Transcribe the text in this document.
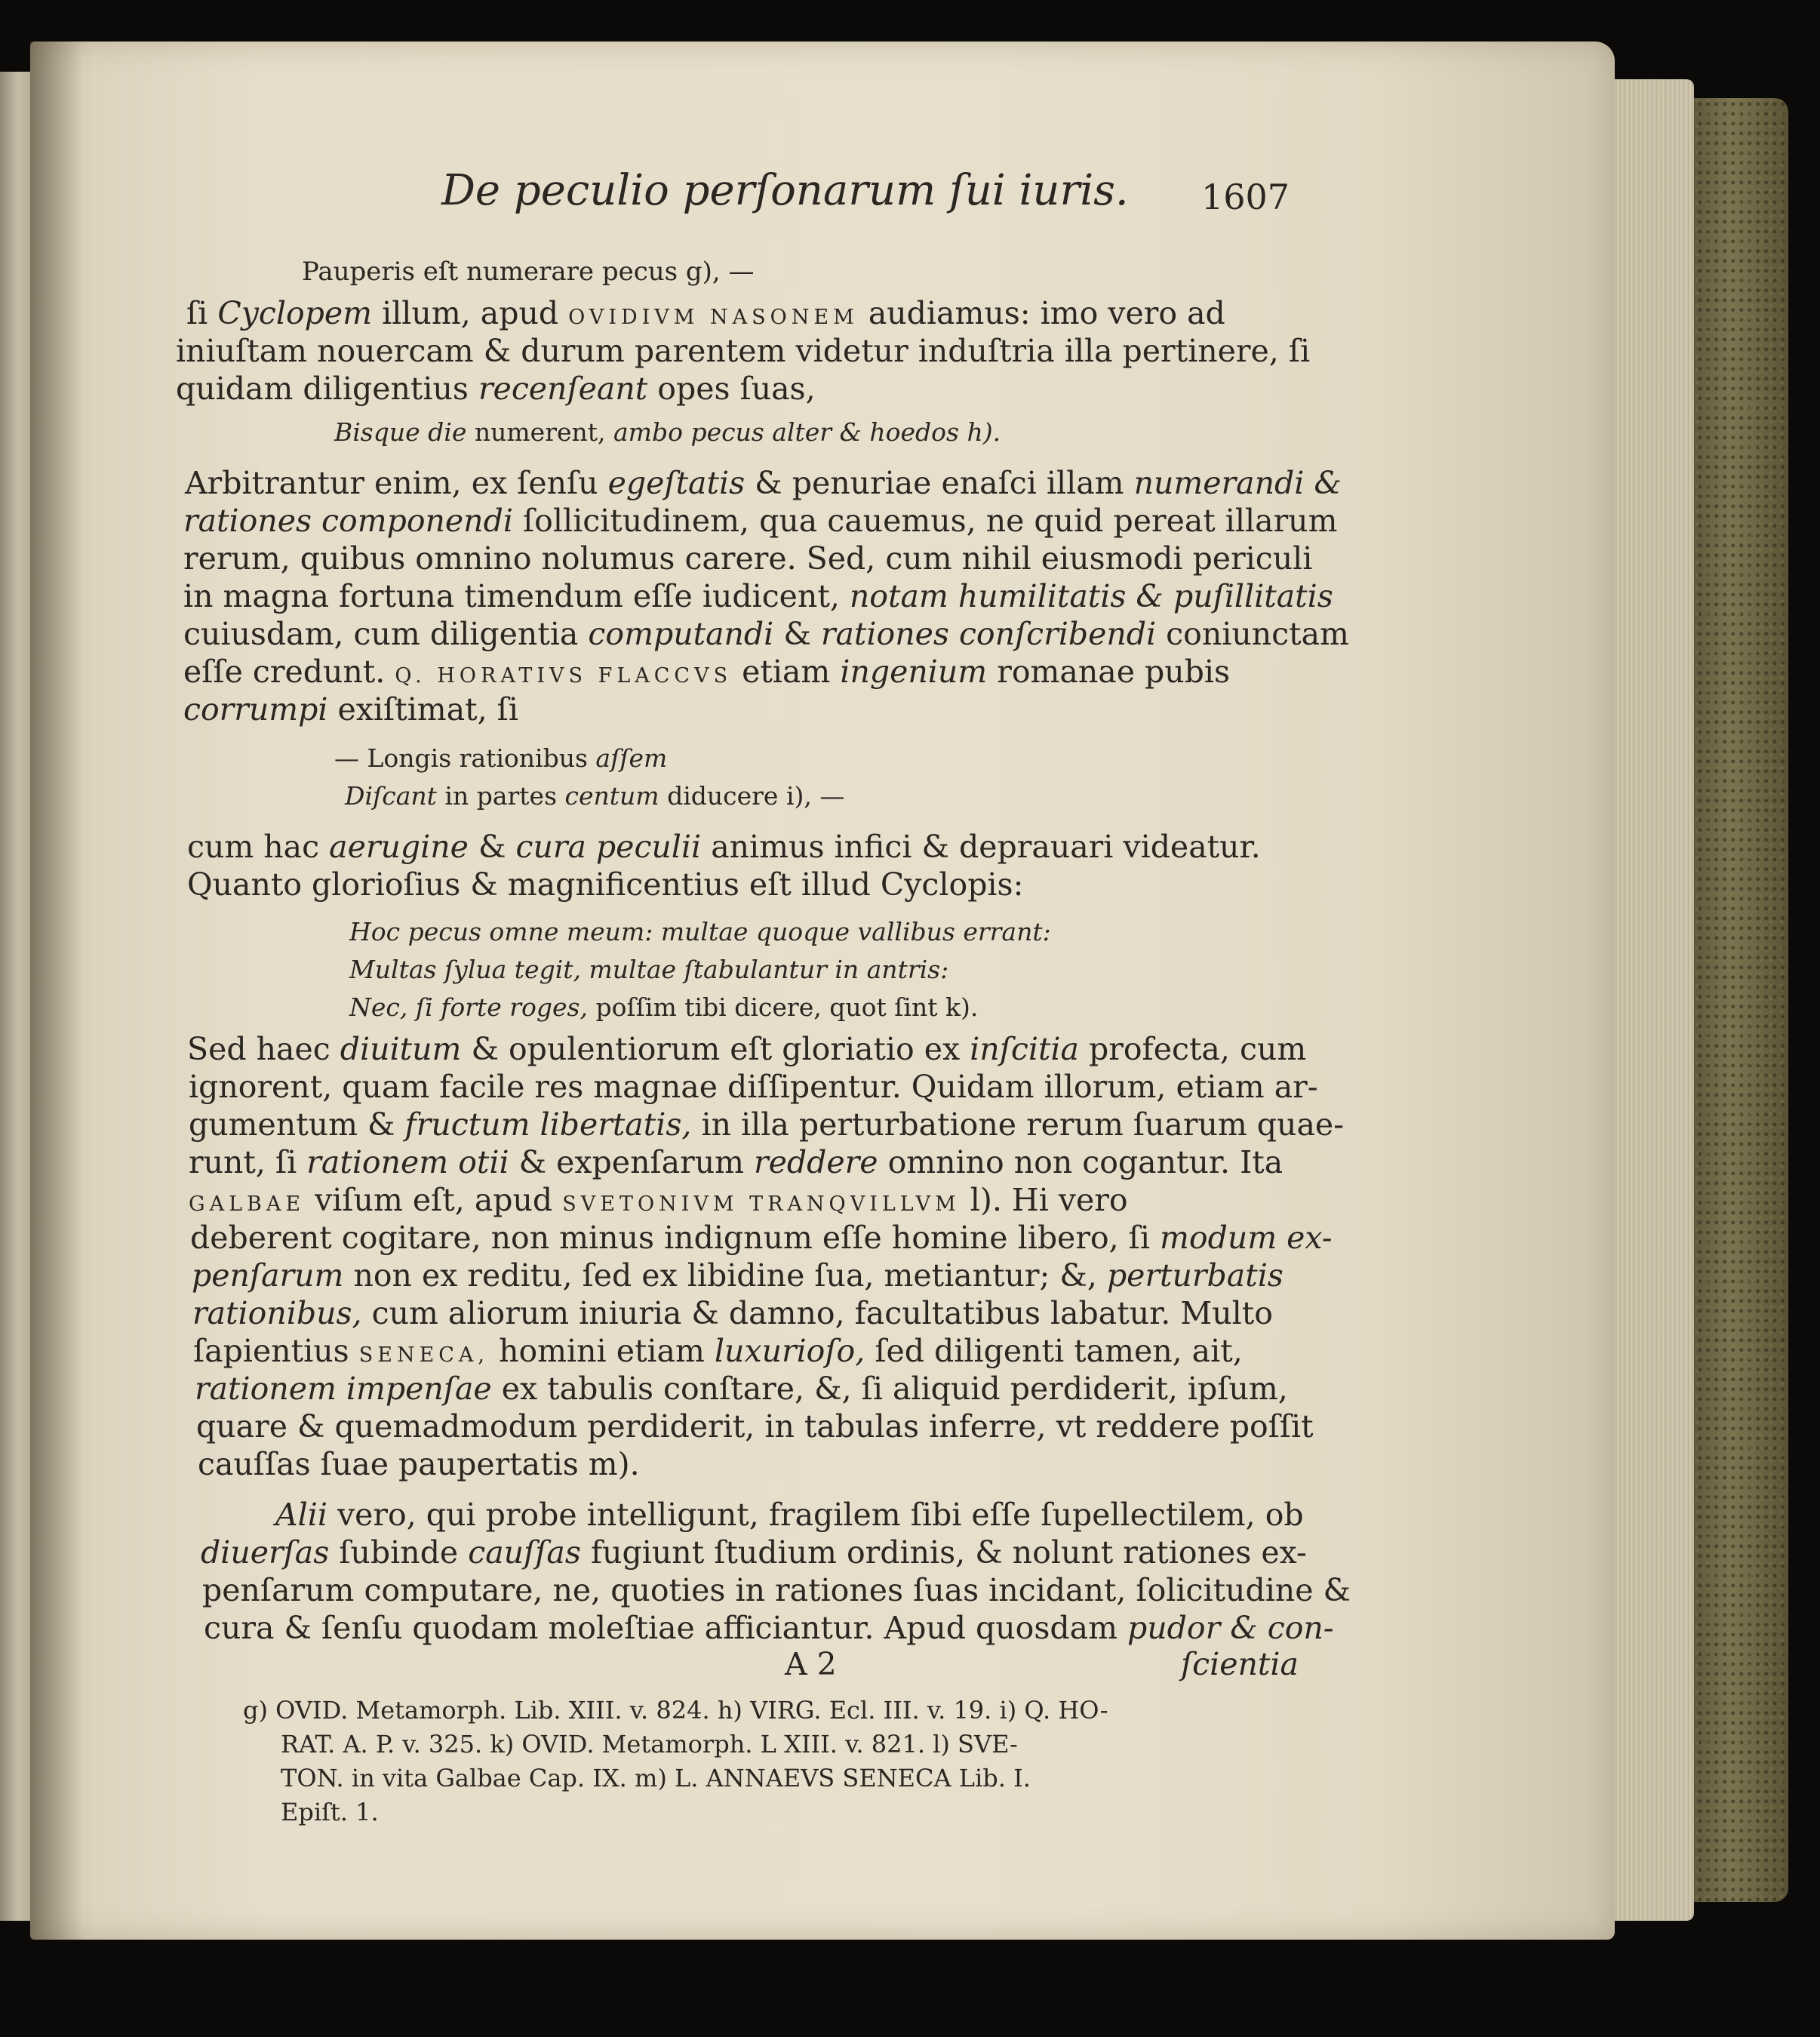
De peculio perſonarum ſui iuris. 1607
Pauperis eſt numerare pecus g), —
ſi Cyclopem illum, apud OVIDIVM NASONEM audiamus: imo vero ad
iniuſtam nouercam & durum parentem videtur induſtria illa pertinere, ſi
quidam diligentius recenſeant opes ſuas,
Bisque die numerent, ambo pecus alter & hoedos h).
Arbitrantur enim, ex ſenſu egeſtatis & penuriae enaſci illam numerandi &
rationes componendi ſollicitudinem, qua cauemus, ne quid pereat illarum
rerum, quibus omnino nolumus carere. Sed, cum nihil eiusmodi periculi
in magna fortuna timendum eſſe iudicent, notam humilitatis & puſillitatis
cuiusdam, cum diligentia computandi & rationes conſcribendi coniunctam
eſſe credunt. Q. HORATIVS FLACCVS etiam ingenium romanae pubis
corrumpi exiſtimat, ſi
— Longis rationibus aſſem
Diſcant in partes centum diducere i), —
cum hac aerugine & cura peculii animus infici & deprauari videatur.
Quanto glorioſius & magnificentius eſt illud Cyclopis:
Hoc pecus omne meum: multae quoque vallibus errant:
Multas ſylua tegit, multae ſtabulantur in antris:
Nec, ſi forte roges, poſſim tibi dicere, quot ſint k).
Sed haec diuitum & opulentiorum eſt gloriatio ex inſcitia profecta, cum
ignorent, quam facile res magnae diſſipentur. Quidam illorum, etiam ar-
gumentum & fructum libertatis, in illa perturbatione rerum ſuarum quae-
runt, ſi rationem otii & expenſarum reddere omnino non cogantur. Ita
GALBAE viſum eſt, apud SVETONIVM TRANQVILLVM l). Hi vero
deberent cogitare, non minus indignum eſſe homine libero, ſi modum ex-
penſarum non ex reditu, ſed ex libidine ſua, metiantur; &, perturbatis
rationibus, cum aliorum iniuria & damno, facultatibus labatur. Multo
ſapientius SENECA, homini etiam luxurioſo, ſed diligenti tamen, ait,
rationem impenſae ex tabulis conſtare, &, ſi aliquid perdiderit, ipſum,
quare & quemadmodum perdiderit, in tabulas inferre, vt reddere poſſit
cauſſas ſuae paupertatis m).
Alii vero, qui probe intelligunt, fragilem ſibi eſſe ſupellectilem, ob
diuerſas ſubinde cauſſas fugiunt ſtudium ordinis, & nolunt rationes ex-
penſarum computare, ne, quoties in rationes ſuas incidant, ſolicitudine &
cura & ſenſu quodam moleſtiae afficiantur. Apud quosdam pudor & con-
A 2	ſcientia
g) OVID. Metamorph. Lib. XIII. v. 824. h) VIRG. Ecl. III. v. 19. i) Q. HO-
RAT. A. P. v. 325. k) OVID. Metamorph. L XIII. v. 821. l) SVE-
TON. in vita Galbae Cap. IX. m) L. ANNAEVS SENECA Lib. I.
Epiſt. 1.
